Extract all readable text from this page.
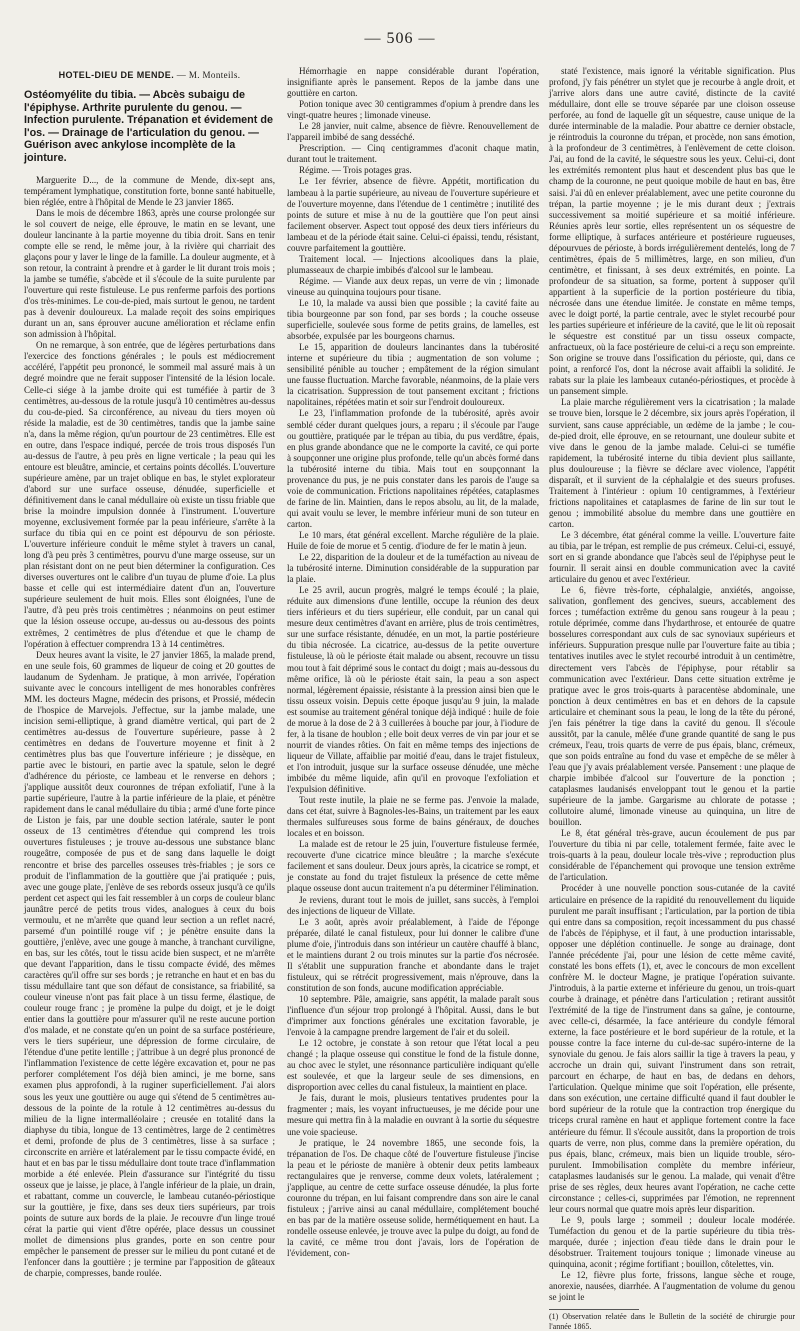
— 506 —
HOTEL-DIEU DE MENDE. — M. Monteils.
Ostéomyélite du tibia. — Abcès subaigu de l'épiphyse. Arthrite purulente du genou. — Infection purulente. Trépanation et évidement de l'os. — Drainage de l'articulation du genou. — Guérison avec ankylose incomplète de la jointure.

Marguerite D..., de la commune de Mende, dix-sept ans, tempérament lymphatique, constitution forte, bonne santé habituelle, bien réglée, entre à l'hôpital de Mende le 23 janvier 1865.

Dans le mois de décembre 1863, après une course prolongée sur le sol couvert de neige, elle éprouve, le matin en se levant, une douleur lancinante à la partie moyenne du tibia droit. Sans en tenir compte elle se rend, le même jour, à la rivière qui charriait des glaçons pour y laver le linge de la famille. La douleur augmente, et à son retour, la contraint à prendre et à garder le lit durant trois mois ; la jambe se tuméfie, s'abcède et il s'écoule de la suite purulente par l'ouverture qui reste fistuleuse. Le pus renferme parfois des portions d'os très-minimes. Le cou-de-pied, mais surtout le genou, ne tardent pas à devenir douloureux. La malade reçoit des soins empiriques durant un an, sans éprouver aucune amélioration et réclame enfin son admission à l'hôpital.

On ne remarque, à son entrée, que de légères perturbations dans l'exercice des fonctions générales ; le pouls est médiocrement accéléré, l'appétit peu prononcé, le sommeil mal assuré mais à un degré moindre que ne ferait supposer l'intensité de la lésion locale. Celle-ci siége à la jambe droite qui est tuméfiée à partir de 3 centimètres, au-dessous de la rotule jusqu'à 10 centimètres au-dessus du cou-de-pied. Sa circonférence, au niveau du tiers moyen où réside la maladie, est de 30 centimètres, tandis que la jambe saine n'a, dans la même région, qu'un pourtour de 23 centimètres. Elle est en outre, dans l'espace indiqué, percée de trois trous disposés l'un au-dessus de l'autre, à peu près en ligne verticale ; la peau qui les entoure est bleuâtre, amincie, et certains points décollés. L'ouverture supérieure amène, par un trajet oblique en bas, le stylet explorateur d'abord sur une surface osseuse, dénudée, superficielle et définitivement dans le canal médullaire où existe un tissu friable que brise la moindre impulsion donnée à l'instrument. L'ouverture moyenne, exclusivement formée par la peau inférieure, s'arrête à la surface du tibia qui en ce point est dépourvu de son périoste. L'ouverture inférieure conduit le même stylet à travers un canal, long d'à peu près 3 centimètres, pourvu d'une marge osseuse, sur un plan résistant dont on ne peut bien déterminer la configuration. Ces diverses ouvertures ont le calibre d'un tuyau de plume d'oie. La plus basse et celle qui est intermédiaire datent d'un an, l'ouverture supérieure seulement de huit mois. Elles sont éloignées, l'une de l'autre, d'à peu près trois centimètres ; néanmoins on peut estimer que la lésion osseuse occupe, au-dessus ou au-dessous des points extrêmes, 2 centimètres de plus d'étendue et que le champ de l'opération à effectuer comprendra 13 à 14 centimètres.

Deux heures avant la visite, le 27 janvier 1865, la malade prend, en une seule fois, 60 grammes de liqueur de coing et 20 gouttes de laudanum de Sydenham. Je pratique, à mon arrivée, l'opération suivante avec le concours intelligent de mes honorables confrères MM. les docteurs Magne, médecin des prisons, et Prossié, médecin de l'hospice de Marvejols. J'effectue, sur la jambe malade, une incision semi-elliptique, à grand diamètre vertical, qui part de 2 centimètres au-dessus de l'ouverture supérieure, passe à 2 centimètres en dedans de l'ouverture moyenne et finit à 2 centimètres plus bas que l'ouverture inférieure ; je dissèque, en partie avec le bistouri, en partie avec la spatule, selon le degré d'adhérence du périoste, ce lambeau et le renverse en dehors ; j'applique aussitôt deux couronnes de trépan exfoliatif, l'une à la partie supérieure, l'autre à la partie inférieure de la plaie, et pénètre rapidement dans le canal médullaire du tibia ; armé d'une forte pince de Liston je fais, par une double section latérale, sauter le pont osseux de 13 centimètres d'étendue qui comprend les trois ouvertures fistuleuses ; je trouve au-dessous une substance blanc rougeâtre, composée de pus et de sang dans laquelle le doigt rencontre et brise des parcelles osseuses très-friables ; je sors ce produit de l'inflammation de la gouttière que j'ai pratiquée ; puis, avec une gouge plate, j'enlève de ses rebords osseux jusqu'à ce qu'ils perdent cet aspect qui les fait ressembler à un corps de couleur blanc jaunâtre percé de petits trous vides, analogues à ceux du bois vermoulu, et ne m'arrête que quand leur section a un reflet nacré, parsemé d'un pointillé rouge vif ; je pénètre ensuite dans la gouttière, j'enlève, avec une gouge à manche, à tranchant curviligne, en bas, sur les côtés, tout le tissu acide bien suspect, et ne m'arrête que devant l'apparition, dans le tissu compacte évidé, des mêmes caractères qu'il offre sur ses bords ; je retranche en haut et en bas du tissu médullaire tant que son défaut de consistance, sa friabilité, sa couleur vineuse n'ont pas fait place à un tissu ferme, élastique, de couleur rouge franc ; je promène la pulpe du doigt, et je le doigt entier dans la gouttière pour m'assurer qu'il ne reste aucune portion d'os malade, et ne constate qu'en un point de sa surface postérieure, vers le tiers supérieur, une dépression de forme circulaire, de l'étendue d'une petite lentille ; j'attribue à un degré plus prononcé de l'inflammation l'existence de cette légère excavation et, pour ne pas perforer complétement l'os déjà bien aminci, je me borne, sans examen plus approfondi, à la ruginer superficiellement. J'ai alors sous les yeux une gouttière ou auge qui s'étend de 5 centimètres au-dessous de la pointe de la rotule à 12 centimètres au-dessus du milieu de la ligne intermalléolaire ; creusée en totalité dans la diaphyse du tibia, longue de 13 centimètres, large de 2 centimètres et demi, profonde de plus de 3 centimètres, lisse à sa surface ; circonscrite en arrière et latéralement par le tissu compacte évidé, en haut et en bas par le tissu médullaire dont toute trace d'inflammation morbide a été enlevée. Plein d'assurance sur l'intégrité du tissu osseux que je laisse, je place, à l'angle inférieur de la plaie, un drain, et rabattant, comme un couvercle, le lambeau cutanéo-périostique sur la gouttière, je fixe, dans ses deux tiers supérieurs, par trois points de suture aux bords de la plaie. Je recouvre d'un linge troué cérat la partie qui vient d'être opérée, place dessus un coussinet mollet de dimensions plus grandes, porte en son centre pour empêcher le pansement de presser sur le milieu du pont cutané et de l'enfoncer dans la gouttière ; je termine par l'apposition de gâteaux de charpie, compresses, bande roulée.

Hémorrhagie en nappe considérable durant l'opération, insignifiante après le pansement. Repos de la jambe dans une gouttière en carton.

Potion tonique avec 30 centigrammes d'opium à prendre dans les vingt-quatre heures ; limonade vineuse.

Le 28 janvier, nuit calme, absence de fièvre. Renouvellement de l'appareil imbibé de sang desséché.

Prescription. — Cinq centigrammes d'aconit chaque matin, durant tout le traitement.

Régime. — Trois potages gras.

Le 1er février, absence de fièvre. Appétit, mortification du lambeau à la partie supérieure, au niveau de l'ouverture supérieure et de l'ouverture moyenne, dans l'étendue de 1 centimètre ; inutilité des points de suture et mise à nu de la gouttière que l'on peut ainsi facilement observer. Aspect tout opposé des deux tiers inférieurs du lambeau et de la période était saine. Celui-ci épaissi, tendu, résistant, couvre parfaitement la gouttière.

Traitement local. — Injections alcooliques dans la plaie, plumasseaux de charpie imbibés d'alcool sur le lambeau.

Régime. — Viande aux deux repas, un verre de vin ; limonade vineuse au quinquina toujours pour tisane.

Le 10, la malade va aussi bien que possible ; la cavité faite au tibia bourgeonne par son fond, par ses bords ; la couche osseuse superficielle, soulevée sous forme de petits grains, de lamelles, est absorbée, expulsée par les bourgeons charnus.

Le 15, apparition de douleurs lancinantes dans la tubérosité interne et supérieure du tibia ; augmentation de son volume ; sensibilité pénible au toucher ; empâtement de la région simulant une fausse fluctuation. Marche favorable, néanmoins, de la plaie vers la cicatrisation. Suppression de tout pansement excitant ; frictions napolitaines, répétées matin et soir sur l'endroit douloureux.

Le 23, l'inflammation profonde de la tubérosité, après avoir semblé céder durant quelques jours, a reparu ; il s'écoule par l'auge ou gouttière, pratiquée par le trépan au tibia, du pus verdâtre, épais, en plus grande abondance que ne le comporte la cavité, ce qui porte à soupçonner une origine plus profonde, telle qu'un abcès formé dans la tubérosité interne du tibia. Mais tout en soupçonnant la provenance du pus, je ne puis constater dans les parois de l'auge sa voie de communication. Frictions napolitaines répétées, cataplasmes de farine de lin. Maintien, dans le repos absolu, au lit, de la malade, qui avait voulu se lever, le membre inférieur muni de son tuteur en carton.

Le 10 mars, état général excellent. Marche régulière de la plaie. Huile de foie de morue et 5 centig. d'iodure de fer le matin à jeun.

Le 22, disparition de la douleur et de la tuméfaction au niveau de la tubérosité interne. Diminution considérable de la suppuration par la plaie.

Le 25 avril, aucun progrès, malgré le temps écoulé ; la plaie, réduite aux dimensions d'une lentille, occupe la réunion des deux tiers inférieurs et du tiers supérieur, elle conduit, par un canal qui mesure deux centimètres d'avant en arrière, plus de trois centimètres, sur une surface résistante, dénudée, en un mot, la partie postérieure du tibia nécrosée. La cicatrice, au-dessus de la petite ouverture fistuleuse, là où le périoste était malade ou absent, recouvre un tissu mou tout à fait déprimé sous le contact du doigt ; mais au-dessous du même orifice, là où le périoste était sain, la peau a son aspect normal, légèrement épaissie, résistante à la pression ainsi bien que le tissu osseux voisin. Depuis cette époque jusqu'au 9 juin, la malade est soumise au traitement général tonique déjà indiqué : huile de foie de morue à la dose de 2 à 3 cuillerées à bouche par jour, à l'iodure de fer, à la tisane de houblon ; elle boit deux verres de vin par jour et se nourrit de viandes rôties. On fait en même temps des injections de liqueur de Villate, affaiblie par moitié d'eau, dans le trajet fistuleux, et l'on introduit, jusque sur la surface osseuse dénudée, une mèche imbibée du même liquide, afin qu'il en provoque l'exfoliation et l'expulsion définitive.

Tout reste inutile, la plaie ne se ferme pas. J'envoie la malade, dans cet état, suivre à Bagnoles-les-Bains, un traitement par les eaux thermales sulfureuses sous forme de bains généraux, de douches locales et en boisson.

La malade est de retour le 25 juin, l'ouverture fistuleuse fermée, recouverte d'une cicatrice mince bleuâtre ; la marche s'exécute facilement et sans douleur. Deux jours après, la cicatrice se rompt, et je constate au fond du trajet fistuleux la présence de cette même plaque osseuse dont aucun traitement n'a pu déterminer l'élimination.

Je reviens, durant tout le mois de juillet, sans succès, à l'emploi des injections de liqueur de Villate.

Le 3 août, après avoir préalablement, à l'aide de l'éponge préparée, dilaté le canal fistuleux, pour lui donner le calibre d'une plume d'oie, j'introduis dans son intérieur un cautère chauffé à blanc, et le maintiens durant 2 ou trois minutes sur la partie d'os nécrosée. Il s'établit une suppuration franche et abondante dans le trajet fistuleux, qui se rétrécit progressivement, mais n'éprouve, dans la constitution de son fonds, aucune modification appréciable.

10 septembre. Pâle, amaigrie, sans appétit, la malade paraît sous l'influence d'un séjour trop prolongé à l'hôpital. Aussi, dans le but d'imprimer aux fonctions générales une excitation favorable, je l'envoie à la campagne prendre largement de l'air et du soleil.

Le 12 octobre, je constate à son retour que l'état local a peu changé ; la plaque osseuse qui constitue le fond de la fistule donne, au choc avec le stylet, une résonnance particulière indiquant qu'elle est soulevée, et que la largeur seule de ses dimensions, en disproportion avec celles du canal fistuleux, la maintient en place.

Je fais, durant le mois, plusieurs tentatives prudentes pour la fragmenter ; mais, les voyant infructueuses, je me décide pour une mesure qui mettra fin à la maladie en ouvrant à la sortie du séquestre une voie spacieuse.

Je pratique, le 24 novembre 1865, une seconde fois, la trépanation de l'os. De chaque côté de l'ouverture fistuleuse j'incise la peau et le périoste de manière à obtenir deux petits lambeaux rectangulaires que je renverse, comme deux volets, latéralement ; j'applique, au centre de cette surface osseuse dénudée, la plus forte couronne du trépan, en lui faisant comprendre dans son aire le canal fistuleux ; j'arrive ainsi au canal médullaire, complétement bouché en bas par de la matière osseuse solide, hermétiquement en haut. La rondelle osseuse enlevée, je trouve avec la pulpe du doigt, au fond de la cavité, ce même trou dont j'avais, lors de l'opération de l'évidement, con-

staté l'existence, mais ignoré la véritable signification. Plus profond, j'y fais pénétrer un stylet que je recourbe à angle droit, et j'arrive alors dans une autre cavité, distincte de la cavité médullaire, dont elle se trouve séparée par une cloison osseuse perforée, au fond de laquelle gît un séquestre, cause unique de la durée interminable de la maladie. Pour abattre ce dernier obstacle, je réintroduis la couronne du trépan, et procède, non sans émotion, à la profondeur de 3 centimètres, à l'enlèvement de cette cloison. J'ai, au fond de la cavité, le séquestre sous les yeux. Celui-ci, dont les extrémités remontent plus haut et descendent plus bas que le champ de la couronne, ne peut quoique mobile de haut en bas, être saisi. J'ai dû en enlever préalablement, avec une petite couronne du trépan, la partie moyenne ; je le mis durant deux ; j'extrais successivement sa moitié supérieure et sa moitié inférieure. Réunies après leur sortie, elles représentent un os séquestre de forme elliptique, à surfaces antérieure et postérieure rugueuses, dépourvues de périoste, à bords irrégulièrement dentelés, long de 7 centimètres, épais de 5 millimètres, large, en son milieu, d'un centimètre, et finissant, à ses deux extrémités, en pointe. La profondeur de sa situation, sa forme, portent à supposer qu'il appartient à la superficie de la portion postérieure du tibia, nécrosée dans une étendue limitée. Je constate en même temps, avec le doigt porté, la partie centrale, avec le stylet recourbé pour les parties supérieure et inférieure de la cavité, que le lit où reposait le séquestre est constitué par un tissu osseux compacte, anfractueux, où la face postérieure de celui-ci a reçu son empreinte. Son origine se trouve dans l'ossification du périoste, qui, dans ce point, a renforcé l'os, dont la nécrose avait affaibli la solidité. Je rabats sur la plaie les lambeaux cutanéo-périostiques, et procède à un pansement simple.

La plaie marche régulièrement vers la cicatrisation ; la malade se trouve bien, lorsque le 2 décembre, six jours après l'opération, il survient, sans cause appréciable, un œdème de la jambe ; le cou-de-pied droit, elle éprouve, en se retournant, une douleur subite et vive dans le genou de la jambe malade. Celui-ci se tuméfie rapidement, la tubérosité interne du tibia devient plus saillante, plus douloureuse ; la fièvre se déclare avec violence, l'appétit disparaît, et il survient de la céphalalgie et des sueurs profuses. Traitement à l'intérieur : opium 10 centigrammes, à l'extérieur frictions napolitaines et cataplasmes de farine de lin sur tout le genou ; immobilité absolue du membre dans une gouttière en carton.

Le 3 décembre, état général comme la veille. L'ouverture faite au tibia, par le trépan, est remplie de pus crémeux. Celui-ci, essuyé, sort en si grande abondance que l'abcès seul de l'épiphyse peut le fournir. Il serait ainsi en double communication avec la cavité articulaire du genou et avec l'extérieur.

Le 6, fièvre très-forte, céphalalgie, anxiétés, angoisse, salivation, gonflement des gencives, sueurs, accablement des forces ; tuméfaction extrême du genou sans rougeur à la peau ; rotule déprimée, comme dans l'hydarthrose, et entourée de quatre bosselures correspondant aux culs de sac synoviaux supérieurs et inférieurs. Suppuration presque nulle par l'ouverture faite au tibia ; tentatives inutiles avec le stylet recourbé introduit à un centimètre, directement vers l'abcès de l'épiphyse, pour rétablir sa communication avec l'extérieur. Dans cette situation extrême je pratique avec le gros trois-quarts à paracentèse abdominale, une ponction à deux centimètres en bas et en dehors de la capsule articulaire et cheminant sous la peau, le long de la tête du péroné, j'en fais pénétrer la tige dans la cavité du genou. Il s'écoule aussitôt, par la canule, mêlée d'une grande quantité de sang le pus crémeux, l'eau, trois quarts de verre de pus épais, blanc, crémeux, que son poids entraîne au fond du vase et empêche de se mêler à l'eau que j'y avais préalablement versée. Pansement : une plaque de charpie imbibée d'alcool sur l'ouverture de la ponction ; cataplasmes laudanisés enveloppant tout le genou et la partie supérieure de la jambe. Gargarisme au chlorate de potasse ; collutoire alumé, limonade vineuse au quinquina, un litre de bouillon.

Le 8, état général très-grave, aucun écoulement de pus par l'ouverture du tibia ni par celle, totalement fermée, faite avec le trois-quarts à la peau, douleur locale très-vive ; reproduction plus considérable de l'épanchement qui provoque une tension extrême de l'articulation.

Procéder à une nouvelle ponction sous-cutanée de la cavité articulaire en présence de la rapidité du renouvellement du liquide purulent me paraît insuffisant ; l'articulation, par la portion de tibia qui entre dans sa composition, reçoit incessamment du pus chassé de l'abcès de l'épiphyse, et il faut, à une production intarissable, opposer une déplétion continuelle. Je songe au drainage, dont l'année précédente j'ai, pour une lésion de cette même cavité, constaté les bons effets (1), et, avec le concours de mon excellent confrère M. le docteur Magne, je pratique l'opération suivante. J'introduis, à la partie externe et inférieure du genou, un trois-quart courbe à drainage, et pénètre dans l'articulation ; retirant aussitôt l'extrémité de la tige de l'instrument dans sa gaîne, je contourne, avec celle-ci, désarmée, la face antérieure du condyle fémoral externe, la face postérieure et le bord supérieur de la rotule, et la pousse contre la face interne du cul-de-sac supéro-interne de la synoviale du genou. Je fais alors saillir la tige à travers la peau, y accroche un drain qui, suivant l'instrument dans son retrait, parcourt en écharpe, de haut en bas, de dedans en dehors, l'articulation. Quelque minime que soit l'opération, elle présente, dans son exécution, une certaine difficulté quand il faut doubler le bord supérieur de la rotule que la contraction trop énergique du triceps crural ramène en haut et applique fortement contre la face antérieure du fémur. Il s'écoule aussitôt, dans la proportion de trois quarts de verre, non plus, comme dans la première opération, du pus épais, blanc, crémeux, mais bien un liquide trouble, séro-purulent. Immobilisation complète du membre inférieur, cataplasmes laudanisés sur le genou. La malade, qui venait d'être prise de ses règles, deux heures avant l'opération, ne cache cette circonstance ; celles-ci, supprimées par l'émotion, ne reprennent leur cours normal que quatre mois après leur disparition.

Le 9, pouls large ; sommeil ; douleur locale modérée. Tuméfaction du genou et de la partie supérieure du tibia très-marquée, durée ; injection d'eau tiède dans le drain pour le désobstruer. Traitement toujours tonique ; limonade vineuse au quinquina, aconit ; régime fortifiant ; bouillon, côtelettes, vin.

Le 12, fièvre plus forte, frissons, langue sèche et rouge, anorexie, nausées, diarrhée. A l'augmentation de volume du genou se joint le

(1) Observation relatée dans le Bulletin de la société de chirurgie pour l'année 1865.
